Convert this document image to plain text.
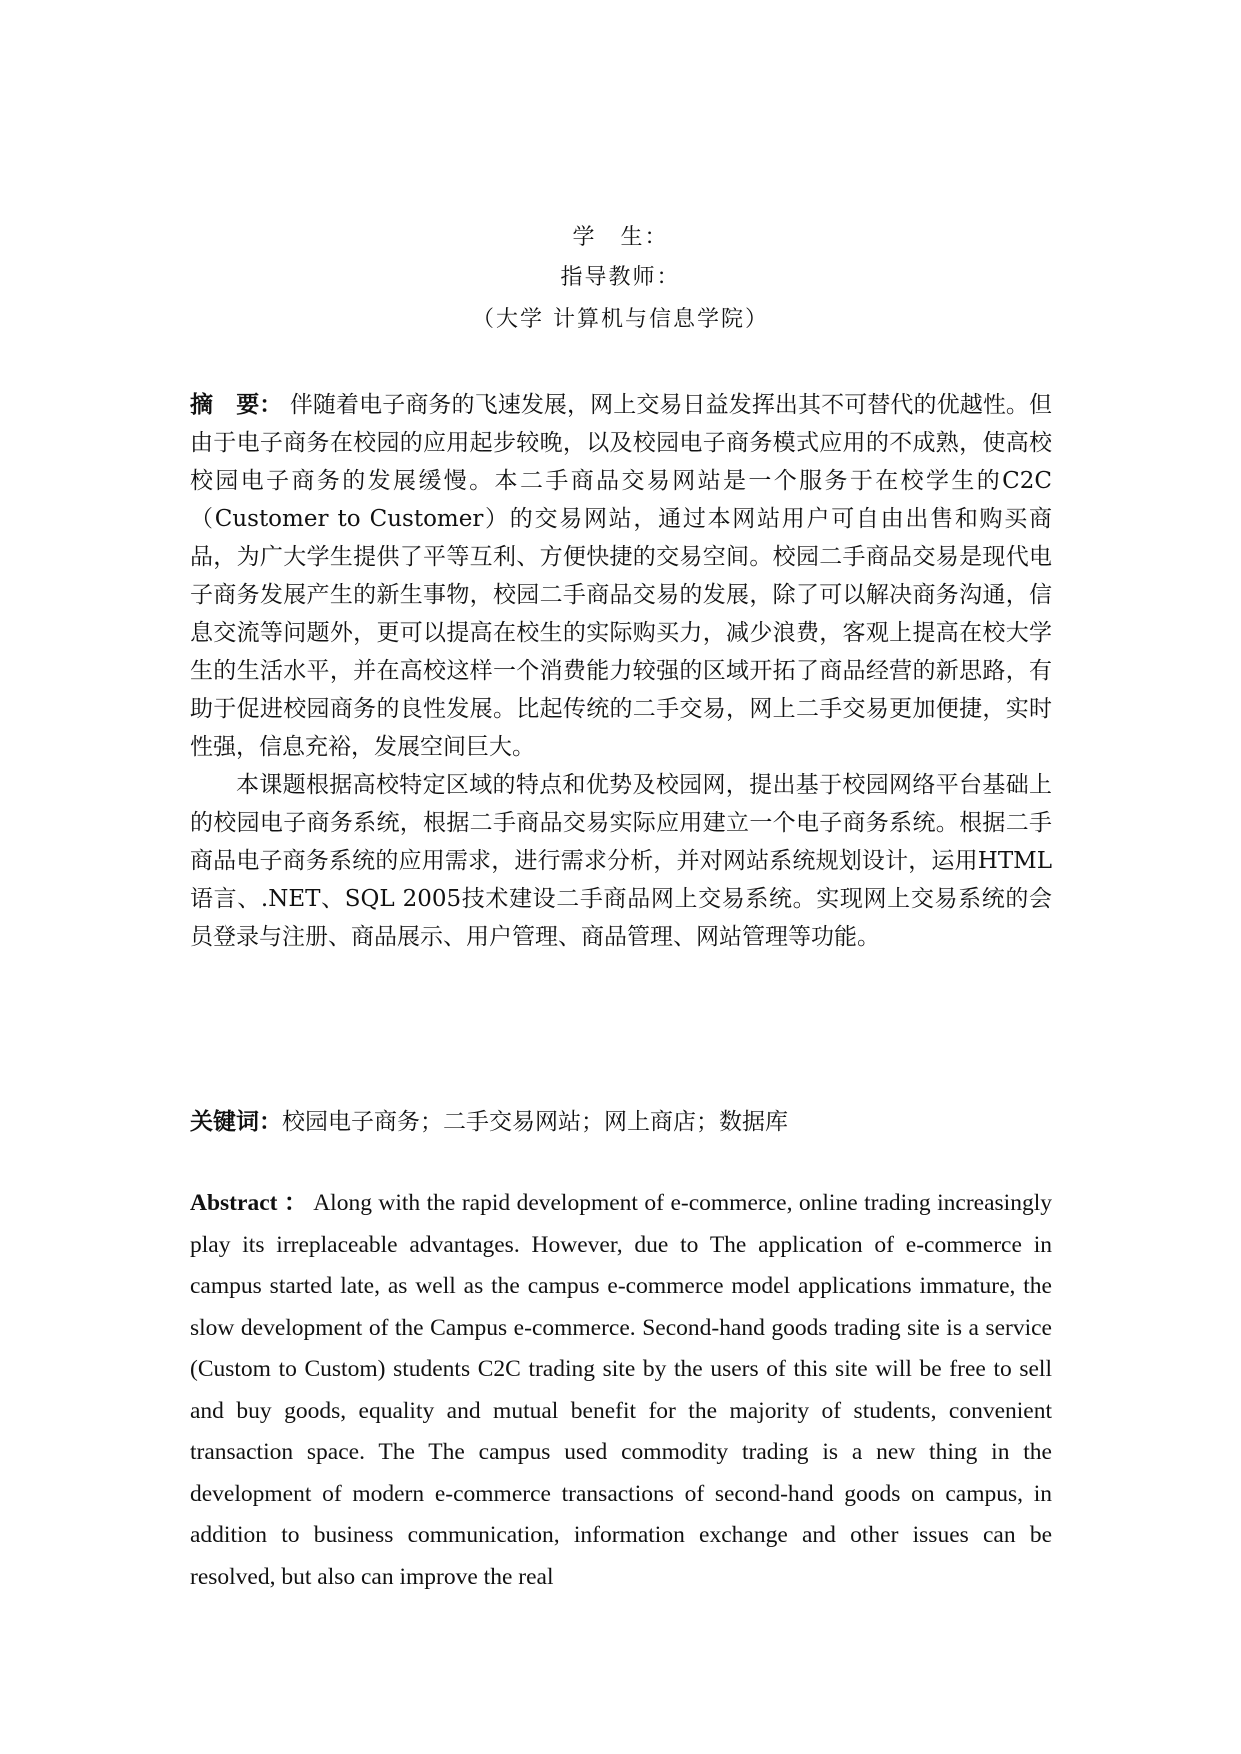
学　生：
指导教师：
（大学 计算机与信息学院）

摘　要： 伴随着电子商务的飞速发展，网上交易日益发挥出其不可替代的优越性。但由于电子商务在校园的应用起步较晚，以及校园电子商务模式应用的不成熟，使高校校园电子商务的发展缓慢。本二手商品交易网站是一个服务于在校学生的C2C（Customer to Customer）的交易网站，通过本网站用户可自由出售和购买商品，为广大学生提供了平等互利、方便快捷的交易空间。校园二手商品交易是现代电子商务发展产生的新生事物，校园二手商品交易的发展，除了可以解决商务沟通，信息交流等问题外，更可以提高在校生的实际购买力，减少浪费，客观上提高在校大学生的生活水平，并在高校这样一个消费能力较强的区域开拓了商品经营的新思路，有助于促进校园商务的良性发展。比起传统的二手交易，网上二手交易更加便捷，实时性强，信息充裕，发展空间巨大。

本课题根据高校特定区域的特点和优势及校园网，提出基于校园网络平台基础上的校园电子商务系统，根据二手商品交易实际应用建立一个电子商务系统。根据二手商品电子商务系统的应用需求，进行需求分析，并对网站系统规划设计，运用HTML语言、.NET、SQL 2005技术建设二手商品网上交易系统。实现网上交易系统的会员登录与注册、商品展示、用户管理、商品管理、网站管理等功能。

关键词：校园电子商务；二手交易网站；网上商店；数据库

Abstract ： Along with the rapid development of e-commerce, online trading increasingly play its irreplaceable advantages. However, due to The application of e-commerce in campus started late, as well as the campus e-commerce model applications immature, the slow development of the Campus e-commerce. Second-hand goods trading site is a service (Custom to Custom) students C2C trading site by the users of this site will be free to sell and buy goods, equality and mutual benefit for the majority of students, convenient transaction space. The The campus used commodity trading is a new thing in the development of modern e-commerce transactions of second-hand goods on campus, in addition to business communication, information exchange and other issues can be resolved, but also can improve the real
